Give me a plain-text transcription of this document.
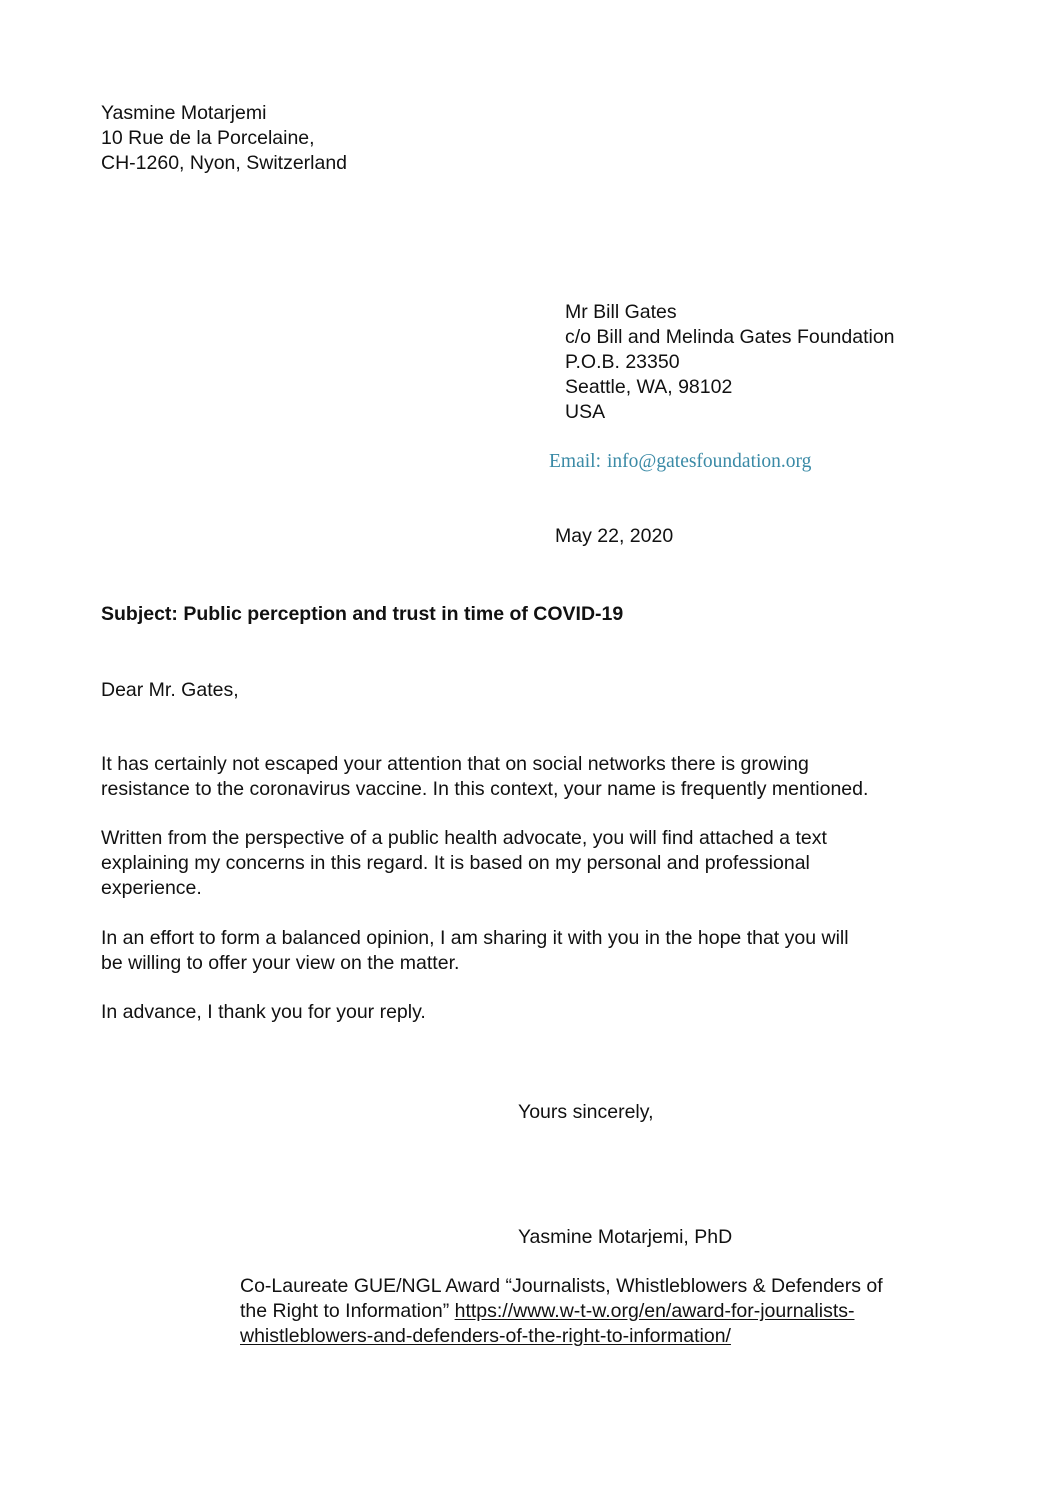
Yasmine Motarjemi

10 Rue de la Porcelaine,

CH-1260, Nyon, Switzerland

Mr Bill Gates

c/o Bill and Melinda Gates Foundation

P.O.B. 23350

Seattle, WA, 98102

USA

Email: info@gatesfoundation.org

May 22, 2020

Subject: Public perception and trust in time of COVID-19

Dear Mr. Gates,

It has certainly not escaped your attention that on social networks there is growing

resistance to the coronavirus vaccine. In this context, your name is frequently mentioned.

Written from the perspective of a public health advocate, you will find attached a text

explaining my concerns in this regard. It is based on my personal and professional

experience.

In an effort to form a balanced opinion, I am sharing it with you in the hope that you will

be willing to offer your view on the matter.

In advance, I thank you for your reply.

Yours sincerely,

Yasmine Motarjemi, PhD

Co-Laureate GUE/NGL Award “Journalists, Whistleblowers & Defenders of

the Right to Information” https://www.w-t-w.org/en/award-for-journalists-

whistleblowers-and-defenders-of-the-right-to-information/
